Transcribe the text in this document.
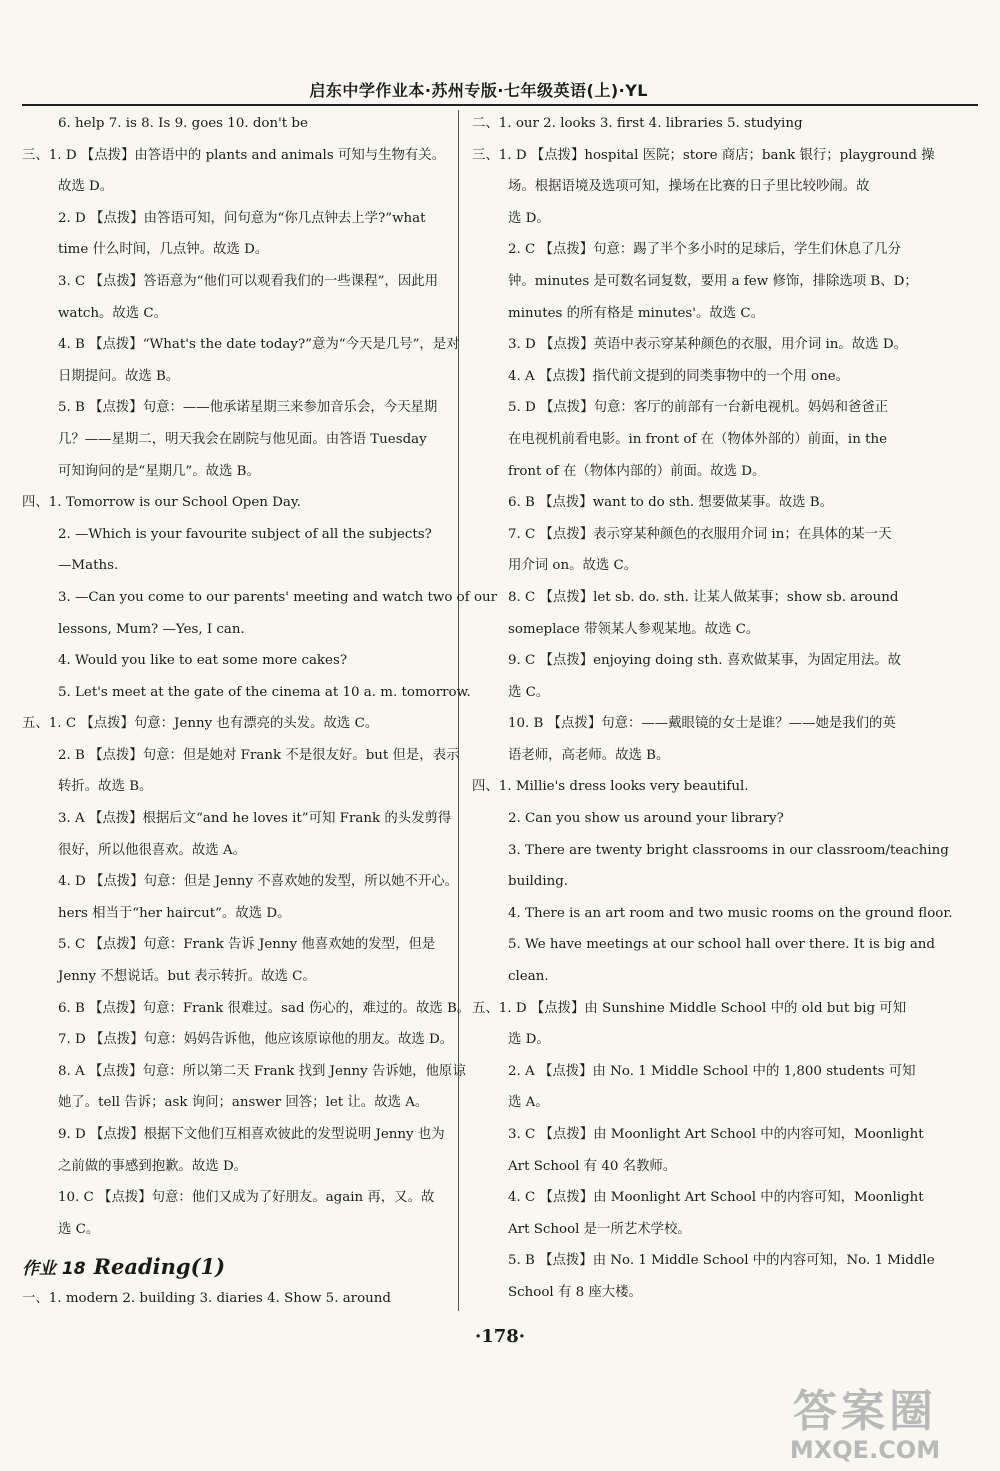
启东中学作业本·苏州专版·七年级英语(上)·YL
6. help 7. is 8. Is 9. goes 10. don't be
三、1. D 【点拨】由答语中的 plants and animals 可知与生物有关。
故选 D。
2. D 【点拨】由答语可知，问句意为“你几点钟去上学?”what
time 什么时间，几点钟。故选 D。
3. C 【点拨】答语意为“他们可以观看我们的一些课程”，因此用
watch。故选 C。
4. B 【点拨】“What's the date today?”意为“今天是几号”，是对
日期提问。故选 B。
5. B 【点拨】句意：——他承诺星期三来参加音乐会，今天星期
几？——星期二，明天我会在剧院与他见面。由答语 Tuesday
可知询问的是“星期几”。故选 B。
四、1. Tomorrow is our School Open Day.
2. —Which is your favourite subject of all the subjects?
—Maths.
3. —Can you come to our parents' meeting and watch two of our
lessons, Mum? —Yes, I can.
4. Would you like to eat some more cakes?
5. Let's meet at the gate of the cinema at 10 a. m. tomorrow.
五、1. C 【点拨】句意：Jenny 也有漂亮的头发。故选 C。
2. B 【点拨】句意：但是她对 Frank 不是很友好。but 但是，表示
转折。故选 B。
3. A 【点拨】根据后文“and he loves it”可知 Frank 的头发剪得
很好，所以他很喜欢。故选 A。
4. D 【点拨】句意：但是 Jenny 不喜欢她的发型，所以她不开心。
hers 相当于“her haircut”。故选 D。
5. C 【点拨】句意：Frank 告诉 Jenny 他喜欢她的发型，但是
Jenny 不想说话。but 表示转折。故选 C。
6. B 【点拨】句意：Frank 很难过。sad 伤心的，难过的。故选 B。
7. D 【点拨】句意：妈妈告诉他，他应该原谅他的朋友。故选 D。
8. A 【点拨】句意：所以第二天 Frank 找到 Jenny 告诉她，他原谅
她了。tell 告诉；ask 询问；answer 回答；let 让。故选 A。
9. D 【点拨】根据下文他们互相喜欢彼此的发型说明 Jenny 也为
之前做的事感到抱歉。故选 D。
10. C 【点拨】句意：他们又成为了好朋友。again 再，又。故
选 C。
作业 18 Reading(1)
一、1. modern 2. building 3. diaries 4. Show 5. around
二、1. our 2. looks 3. first 4. libraries 5. studying
三、1. D 【点拨】hospital 医院；store 商店；bank 银行；playground 操
场。根据语境及选项可知，操场在比赛的日子里比较吵闹。故
选 D。
2. C 【点拨】句意：踢了半个多小时的足球后，学生们休息了几分
钟。minutes 是可数名词复数，要用 a few 修饰，排除选项 B、D；
minutes 的所有格是 minutes'。故选 C。
3. D 【点拨】英语中表示穿某种颜色的衣服，用介词 in。故选 D。
4. A 【点拨】指代前文提到的同类事物中的一个用 one。
5. D 【点拨】句意：客厅的前部有一台新电视机。妈妈和爸爸正
在电视机前看电影。in front of 在（物体外部的）前面，in the
front of 在（物体内部的）前面。故选 D。
6. B 【点拨】want to do sth. 想要做某事。故选 B。
7. C 【点拨】表示穿某种颜色的衣服用介词 in；在具体的某一天
用介词 on。故选 C。
8. C 【点拨】let sb. do. sth. 让某人做某事；show sb. around
someplace 带领某人参观某地。故选 C。
9. C 【点拨】enjoying doing sth. 喜欢做某事，为固定用法。故
选 C。
10. B 【点拨】句意：——戴眼镜的女士是谁？——她是我们的英
语老师，高老师。故选 B。
四、1. Millie's dress looks very beautiful.
2. Can you show us around your library?
3. There are twenty bright classrooms in our classroom/teaching
building.
4. There is an art room and two music rooms on the ground floor.
5. We have meetings at our school hall over there. It is big and
clean.
五、1. D 【点拨】由 Sunshine Middle School 中的 old but big 可知
选 D。
2. A 【点拨】由 No. 1 Middle School 中的 1,800 students 可知
选 A。
3. C 【点拨】由 Moonlight Art School 中的内容可知，Moonlight
Art School 有 40 名教师。
4. C 【点拨】由 Moonlight Art School 中的内容可知，Moonlight
Art School 是一所艺术学校。
5. B 【点拨】由 No. 1 Middle School 中的内容可知，No. 1 Middle
School 有 8 座大楼。
·178·
答案圈
MXQE.COM
